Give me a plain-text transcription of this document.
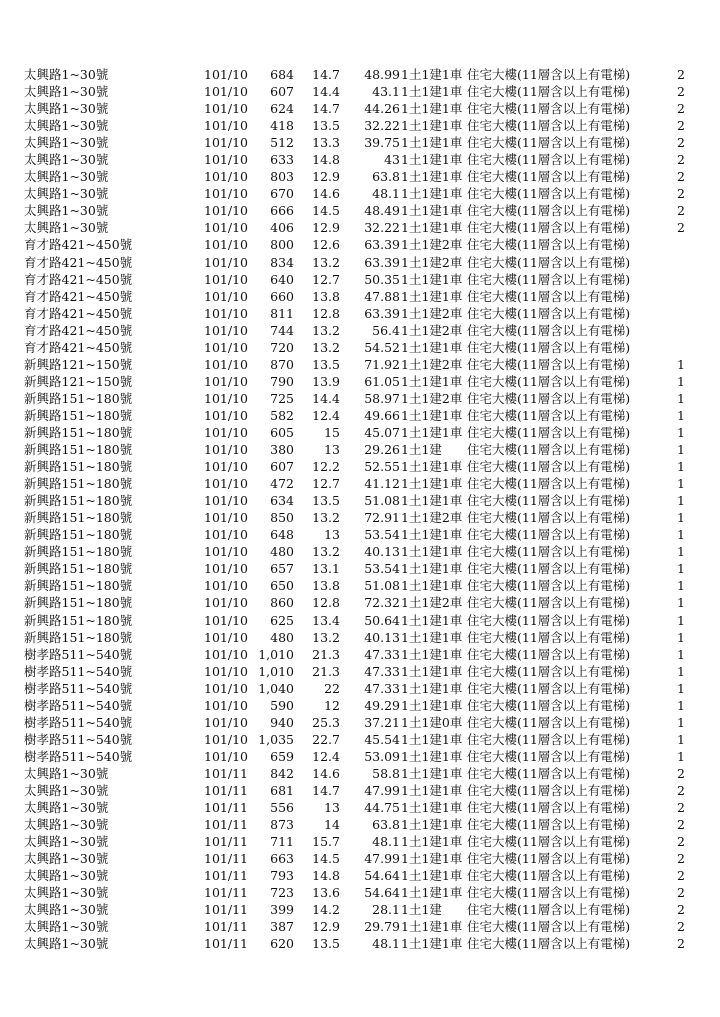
太興路1~30號	101/10 684 14.7 48.99 1土1建1車 住宅大樓(11層含以上有電梯)	2
太興路1~30號	101/10 607 14.4	43.1 1土1建1車 住宅大樓(11層含以上有電梯)	2
太興路1~30號	101/10 624 14.7 44.26 1土1建1車 住宅大樓(11層含以上有電梯)	2
太興路1~30號	101/10 418 13.5 32.22 1土1建1車 住宅大樓(11層含以上有電梯)	2
太興路1~30號	101/10 512 13.3 39.75 1土1建1車 住宅大樓(11層含以上有電梯)	2
太興路1~30號	101/10 633 14.8	43 1土1建1車 住宅大樓(11層含以上有電梯)	2
太興路1~30號	101/10 803 12.9	63.8 1土1建1車 住宅大樓(11層含以上有電梯)	2
太興路1~30號	101/10 670 14.6	48.1 1土1建1車 住宅大樓(11層含以上有電梯)	2
太興路1~30號	101/10 666 14.5 48.49 1土1建1車 住宅大樓(11層含以上有電梯)	2
太興路1~30號	101/10 406 12.9 32.22 1土1建1車 住宅大樓(11層含以上有電梯)	2
育才路421~450號	101/10 800 12.6 63.39 1土1建2車 住宅大樓(11層含以上有電梯)
育才路421~450號	101/10 834 13.2 63.39 1土1建2車 住宅大樓(11層含以上有電梯)
育才路421~450號	101/10 640 12.7 50.35 1土1建1車 住宅大樓(11層含以上有電梯)
育才路421~450號	101/10 660 13.8 47.88 1土1建1車 住宅大樓(11層含以上有電梯)
育才路421~450號	101/10 811 12.8 63.39 1土1建2車 住宅大樓(11層含以上有電梯)
育才路421~450號	101/10 744 13.2	56.4 1土1建2車 住宅大樓(11層含以上有電梯)
育才路421~450號	101/10 720 13.2 54.52 1土1建1車 住宅大樓(11層含以上有電梯)
新興路121~150號	101/10 870 13.5 71.92 1土1建2車 住宅大樓(11層含以上有電梯)	1
新興路121~150號	101/10 790 13.9 61.05 1土1建1車 住宅大樓(11層含以上有電梯)	1
新興路151~180號	101/10 725 14.4 58.97 1土1建2車 住宅大樓(11層含以上有電梯)	1
新興路151~180號	101/10 582 12.4 49.66 1土1建1車 住宅大樓(11層含以上有電梯)	1
新興路151~180號	101/10 605 15 45.07 1土1建1車 住宅大樓(11層含以上有電梯)	1
新興路151~180號	101/10 380 13 29.26 1土1建 住宅大樓(11層含以上有電梯)	1
新興路151~180號	101/10 607 12.2 52.55 1土1建1車 住宅大樓(11層含以上有電梯)	1
新興路151~180號	101/10 472 12.7 41.12 1土1建1車 住宅大樓(11層含以上有電梯)	1
新興路151~180號	101/10 634 13.5 51.08 1土1建1車 住宅大樓(11層含以上有電梯)	1
新興路151~180號	101/10 850 13.2 72.91 1土1建2車 住宅大樓(11層含以上有電梯)	1
新興路151~180號	101/10 648 13 53.54 1土1建1車 住宅大樓(11層含以上有電梯)	1
新興路151~180號	101/10 480 13.2 40.13 1土1建1車 住宅大樓(11層含以上有電梯)	1
新興路151~180號	101/10 657 13.1 53.54 1土1建1車 住宅大樓(11層含以上有電梯)	1
新興路151~180號	101/10 650 13.8 51.08 1土1建1車 住宅大樓(11層含以上有電梯)	1
新興路151~180號	101/10 860 12.8 72.32 1土1建2車 住宅大樓(11層含以上有電梯)	1
新興路151~180號	101/10 625 13.4 50.64 1土1建1車 住宅大樓(11層含以上有電梯)	1
新興路151~180號	101/10 480 13.2 40.13 1土1建1車 住宅大樓(11層含以上有電梯)	1
樹孝路511~540號	101/10 1,010 21.3 47.33 1土1建1車 住宅大樓(11層含以上有電梯)	1
樹孝路511~540號	101/10 1,010 21.3 47.33 1土1建1車 住宅大樓(11層含以上有電梯)	1
樹孝路511~540號	101/10 1,040 22 47.33 1土1建1車 住宅大樓(11層含以上有電梯)	1
樹孝路511~540號	101/10 590 12 49.29 1土1建1車 住宅大樓(11層含以上有電梯)	1
樹孝路511~540號	101/10 940 25.3 37.21 1土1建0車 住宅大樓(11層含以上有電梯)	1
樹孝路511~540號	101/10 1,035 22.7 45.54 1土1建1車 住宅大樓(11層含以上有電梯)	1
樹孝路511~540號	101/10 659 12.4 53.09 1土1建1車 住宅大樓(11層含以上有電梯)	1
太興路1~30號	101/11 842 14.6	58.8 1土1建1車 住宅大樓(11層含以上有電梯)	2
太興路1~30號	101/11 681 14.7 47.99 1土1建1車 住宅大樓(11層含以上有電梯)	2
太興路1~30號	101/11 556 13 44.75 1土1建1車 住宅大樓(11層含以上有電梯)	2
太興路1~30號	101/11 873 14	63.8 1土1建1車 住宅大樓(11層含以上有電梯)	2
太興路1~30號	101/11 711 15.7	48.1 1土1建1車 住宅大樓(11層含以上有電梯)	2
太興路1~30號	101/11 663 14.5 47.99 1土1建1車 住宅大樓(11層含以上有電梯)	2
太興路1~30號	101/11 793 14.8 54.64 1土1建1車 住宅大樓(11層含以上有電梯)	2
太興路1~30號	101/11 723 13.6 54.64 1土1建1車 住宅大樓(11層含以上有電梯)	2
太興路1~30號	101/11 399 14.2	28.1 1土1建 住宅大樓(11層含以上有電梯)	2
太興路1~30號	101/11 387 12.9 29.79 1土1建1車 住宅大樓(11層含以上有電梯)	2
太興路1~30號	101/11 620 13.5	48.1 1土1建1車 住宅大樓(11層含以上有電梯)	2
